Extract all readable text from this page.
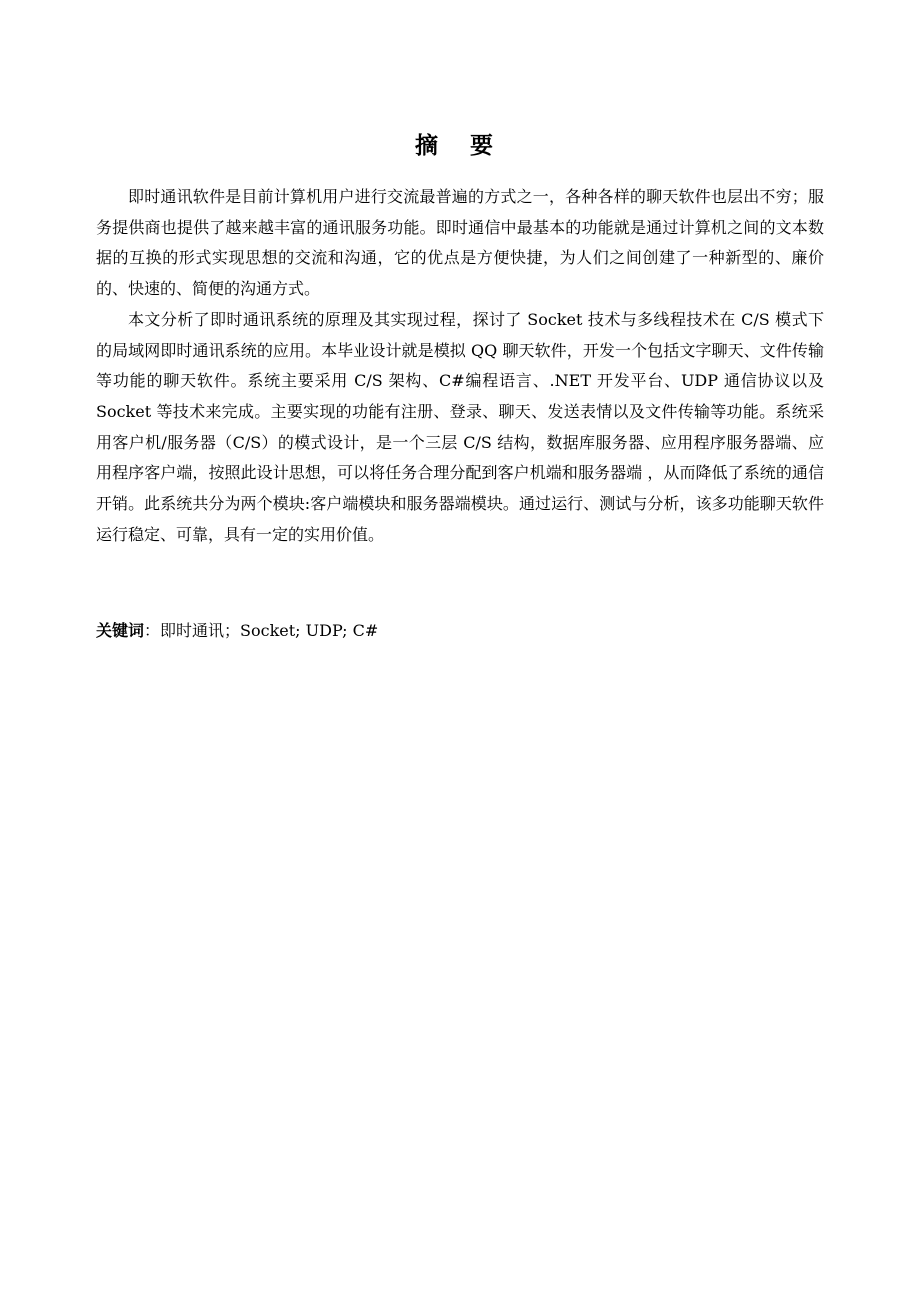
摘 要

即时通讯软件是目前计算机用户进行交流最普遍的方式之一，各种各样的聊天软件也层出不穷；服务提供商也提供了越来越丰富的通讯服务功能。即时通信中最基本的功能就是通过计算机之间的文本数据的互换的形式实现思想的交流和沟通，它的优点是方便快捷，为人们之间创建了一种新型的、廉价的、快速的、简便的沟通方式。

本文分析了即时通讯系统的原理及其实现过程，探讨了 Socket 技术与多线程技术在 C/S 模式下的局域网即时通讯系统的应用。本毕业设计就是模拟 QQ 聊天软件，开发一个包括文字聊天、文件传输等功能的聊天软件。系统主要采用 C/S 架构、C#编程语言、.NET 开发平台、UDP 通信协议以及 Socket 等技术来完成。主要实现的功能有注册、登录、聊天、发送表情以及文件传输等功能。系统采用客户机/服务器（C/S）的模式设计，是一个三层 C/S 结构，数据库服务器、应用程序服务器端、应用程序客户端，按照此设计思想，可以将任务合理分配到客户机端和服务器端 ，从而降低了系统的通信开销。此系统共分为两个模块:客户端模块和服务器端模块。通过运行、测试与分析，该多功能聊天软件运行稳定、可靠，具有一定的实用价值。

关键词：即时通讯；Socket; UDP; C#
